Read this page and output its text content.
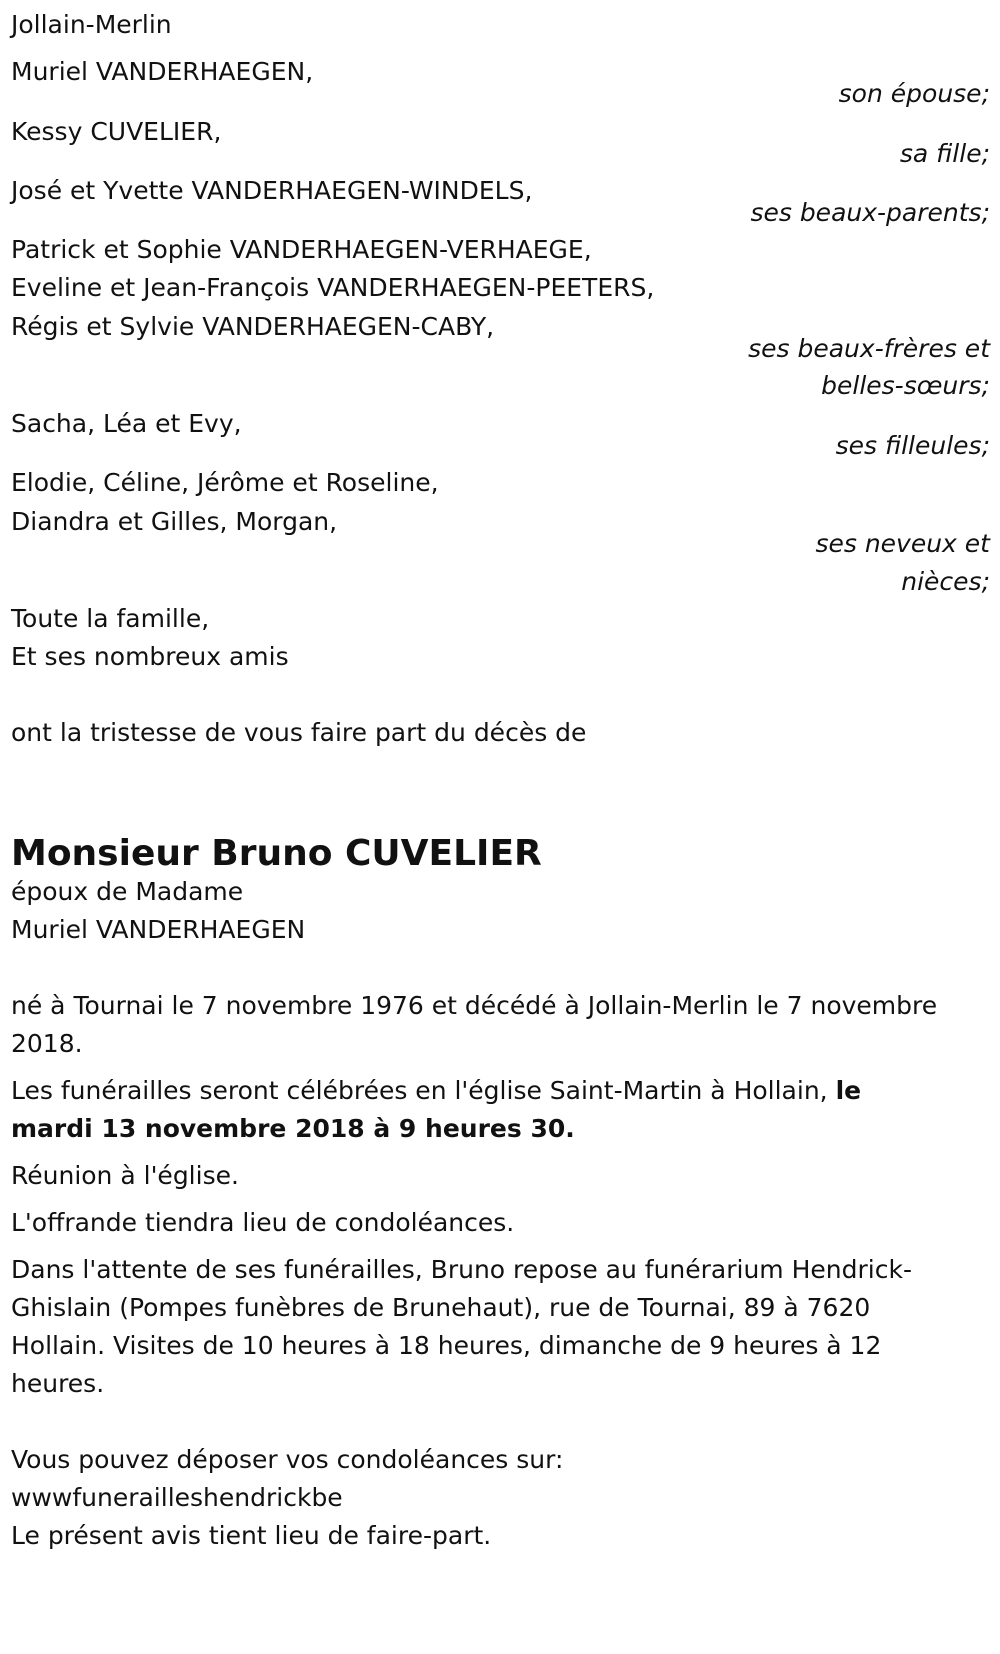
Jollain-Merlin
Muriel VANDERHAEGEN,
son épouse;
Kessy CUVELIER,
sa fille;
José et Yvette VANDERHAEGEN-WINDELS,
ses beaux-parents;
Patrick et Sophie VANDERHAEGEN-VERHAEGE,
Eveline et Jean-François VANDERHAEGEN-PEETERS,
Régis et Sylvie VANDERHAEGEN-CABY,
ses beaux-frères et
belles-sœurs;
Sacha, Léa et Evy,
ses filleules;
Elodie, Céline, Jérôme et Roseline,
Diandra et Gilles, Morgan,
ses neveux et
nièces;
Toute la famille,
Et ses nombreux amis
ont la tristesse de vous faire part du décès de
Monsieur Bruno CUVELIER
époux de Madame
Muriel VANDERHAEGEN
né à Tournai le 7 novembre 1976 et décédé à Jollain-Merlin le 7 novembre
2018.
Les funérailles seront célébrées en l'église Saint-Martin à Hollain, le
mardi 13 novembre 2018 à 9 heures 30.
Réunion à l'église.
L'offrande tiendra lieu de condoléances.
Dans l'attente de ses funérailles, Bruno repose au funérarium Hendrick-
Ghislain (Pompes funèbres de Brunehaut), rue de Tournai, 89 à 7620
Hollain. Visites de 10 heures à 18 heures, dimanche de 9 heures à 12
heures.
Vous pouvez déposer vos condoléances sur:
wwwfunerailleshendrickbe
Le présent avis tient lieu de faire-part.
